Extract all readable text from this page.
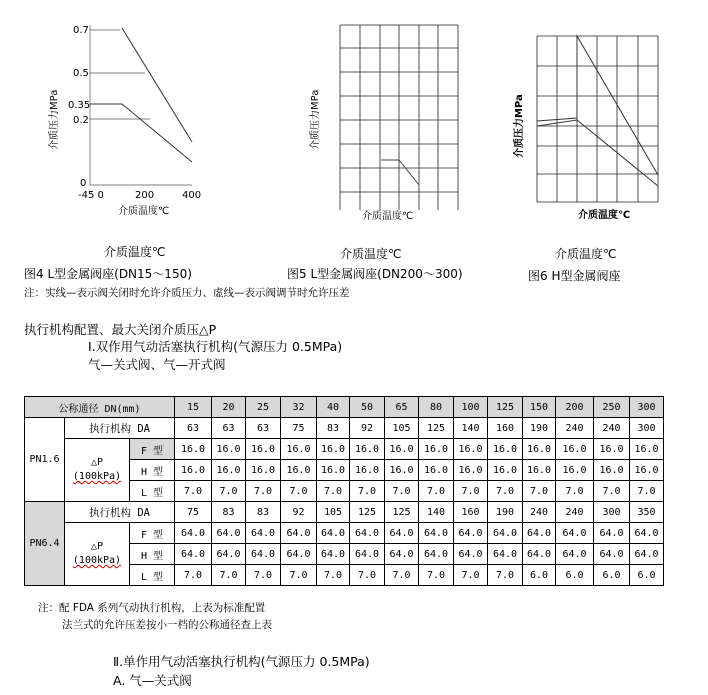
0.7
0.5
0.35
0.2
0
-45 0	200	400
介质温度℃
介质压力MPa
介质温度℃
介质压力MPa
介质温度℃
介质压力MPa
介质温度℃	介质温度℃	介质温度℃
图4 L型金属阀座(DN15～150)	图5 L型金属阀座(DN200～300)	图6 H型金属阀座
注：实线—表示阀关闭时允许介质压力、虚线—表示阀调节时允许压差
执行机构配置、最大关闭介质压△P
Ⅰ.双作用气动活塞执行机构(气源压力 0.5MPa)
气—关式阀、气—开式阀
公称通径 DN(mm)			15	20	25	32	40	50	65	80	100	125	150	200	250	300
PN1.6	执行机构 DA		63	63	63	75	83	92	105	125	140	160	190	240	240	300
	△P
(100kPa)	F 型	16.0	16.0	16.0	16.0	16.0	16.0	16.0	16.0	16.0	16.0	16.0	16.0	16.0	16.0
		H 型	16.0	16.0	16.0	16.0	16.0	16.0	16.0	16.0	16.0	16.0	16.0	16.0	16.0	16.0
		L 型	7.0	7.0	7.0	7.0	7.0	7.0	7.0	7.0	7.0	7.0	7.0	7.0	7.0	7.0
PN6.4	执行机构 DA		75	83	83	92	105	125	125	140	160	190	240	240	300	350
	△P
(100kPa)	F 型	64.0	64.0	64.0	64.0	64.0	64.0	64.0	64.0	64.0	64.0	64.0	64.0	64.0	64.0
		H 型	64.0	64.0	64.0	64.0	64.0	64.0	64.0	64.0	64.0	64.0	64.0	64.0	64.0	64.0
		L 型	7.0	7.0	7.0	7.0	7.0	7.0	7.0	7.0	7.0	7.0	6.0	6.0	6.0	6.0
注：配 FDA 系列气动执行机构，上表为标准配置
法兰式的允许压差按小一档的公称通径查上表
Ⅱ.单作用气动活塞执行机构(气源压力 0.5MPa)
A. 气—关式阀
